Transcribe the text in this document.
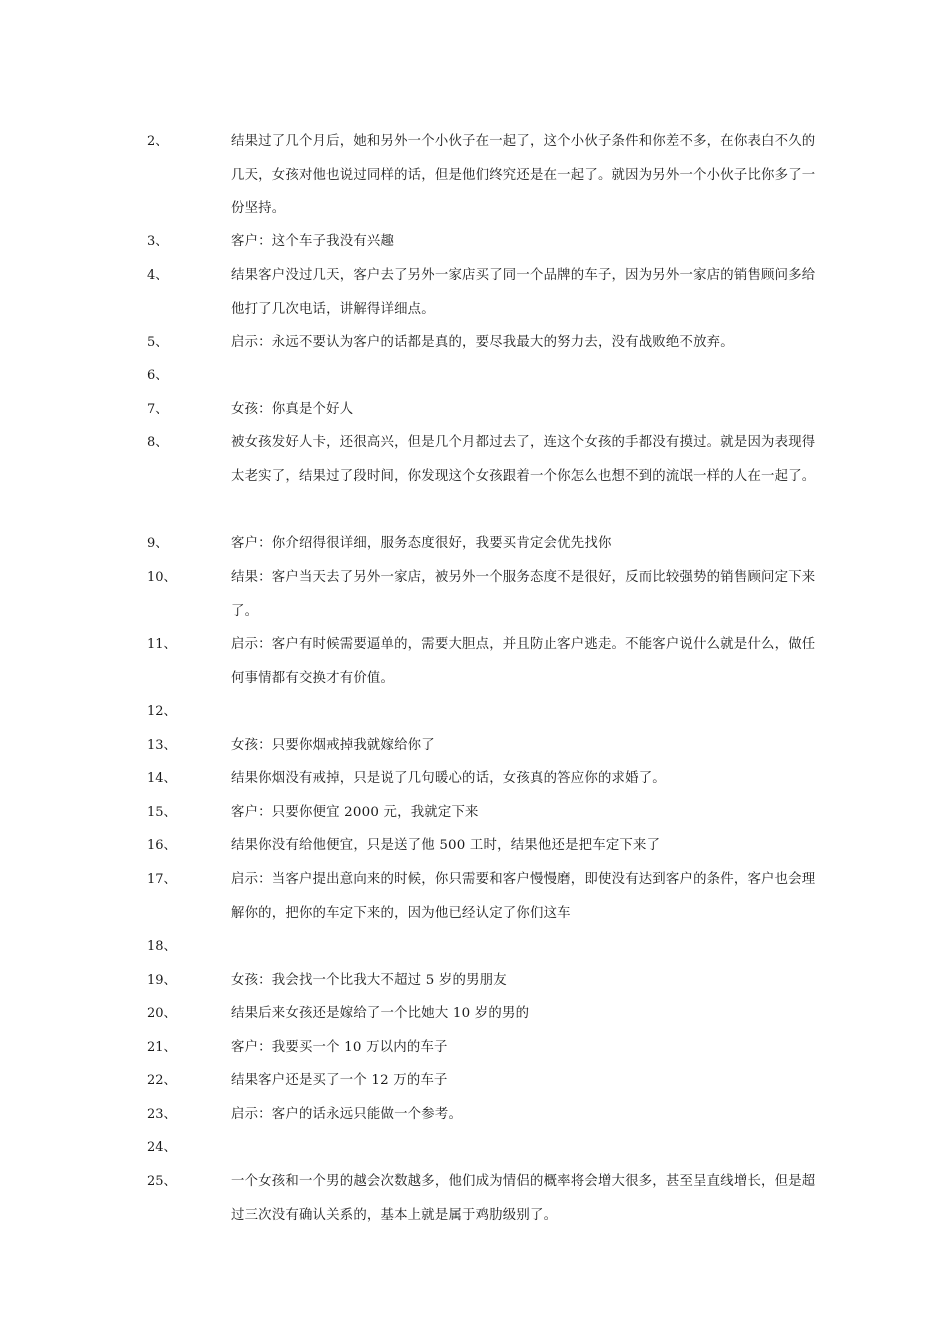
2、	结果过了几个月后，她和另外一个小伙子在一起了，这个小伙子条件和你差不多，在你表白不久的几天，女孩对他也说过同样的话，但是他们终究还是在一起了。就因为另外一个小伙子比你多了一份坚持。
3、	客户：这个车子我没有兴趣
4、	结果客户没过几天，客户去了另外一家店买了同一个品牌的车子，因为另外一家店的销售顾问多给他打了几次电话，讲解得详细点。
5、	启示：永远不要认为客户的话都是真的，要尽我最大的努力去，没有战败绝不放弃。
6、
7、	女孩：你真是个好人
8、	被女孩发好人卡，还很高兴，但是几个月都过去了，连这个女孩的手都没有摸过。就是因为表现得太老实了，结果过了段时间，你发现这个女孩跟着一个你怎么也想不到的流氓一样的人在一起了。
9、	客户：你介绍得很详细，服务态度很好，我要买肯定会优先找你
10、	结果：客户当天去了另外一家店，被另外一个服务态度不是很好，反而比较强势的销售顾问定下来了。
11、	启示：客户有时候需要逼单的，需要大胆点，并且防止客户逃走。不能客户说什么就是什么，做任何事情都有交换才有价值。
12、
13、	女孩：只要你烟戒掉我就嫁给你了
14、	结果你烟没有戒掉，只是说了几句暖心的话，女孩真的答应你的求婚了。
15、	客户：只要你便宜 2000 元，我就定下来
16、	结果你没有给他便宜，只是送了他 500 工时，结果他还是把车定下来了
17、	启示：当客户提出意向来的时候，你只需要和客户慢慢磨，即使没有达到客户的条件，客户也会理解你的，把你的车定下来的，因为他已经认定了你们这车
18、
19、	女孩：我会找一个比我大不超过 5 岁的男朋友
20、	结果后来女孩还是嫁给了一个比她大 10 岁的男的
21、	客户：我要买一个 10 万以内的车子
22、	结果客户还是买了一个 12 万的车子
23、	启示：客户的话永远只能做一个参考。
24、
25、	一个女孩和一个男的越会次数越多，他们成为情侣的概率将会增大很多，甚至呈直线增长，但是超过三次没有确认关系的，基本上就是属于鸡肋级别了。
